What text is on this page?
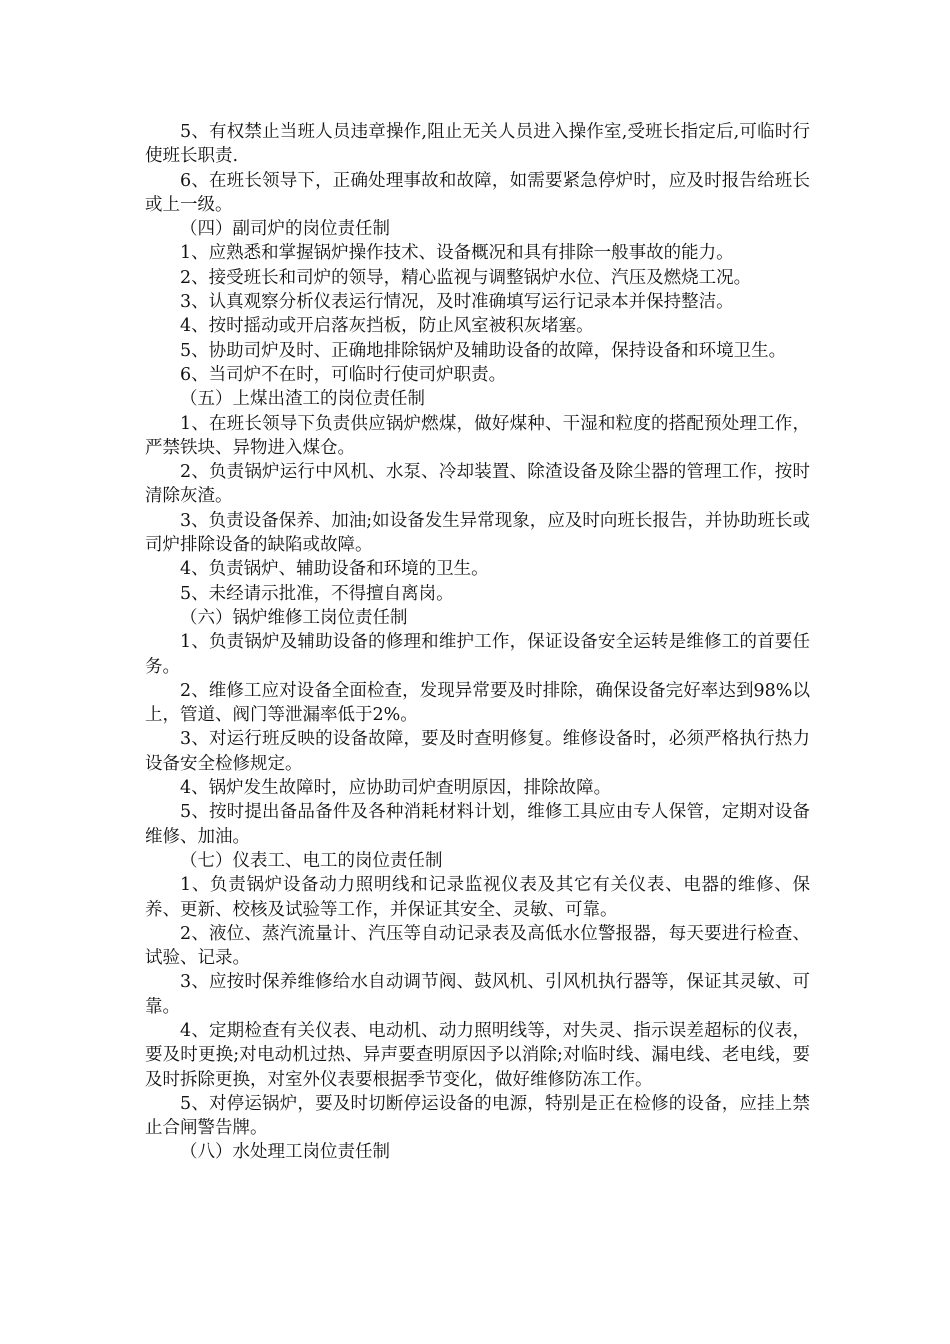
5、有权禁止当班人员违章操作,阻止无关人员进入操作室,受班长指定后,可临时行使班长职责.

6、在班长领导下，正确处理事故和故障，如需要紧急停炉时，应及时报告给班长或上一级。

（四）副司炉的岗位责任制

1、应熟悉和掌握锅炉操作技术、设备概况和具有排除一般事故的能力。

2、接受班长和司炉的领导，精心监视与调整锅炉水位、汽压及燃烧工况。

3、认真观察分析仪表运行情况，及时准确填写运行记录本并保持整洁。

4、按时摇动或开启落灰挡板，防止风室被积灰堵塞。

5、协助司炉及时、正确地排除锅炉及辅助设备的故障，保持设备和环境卫生。

6、当司炉不在时，可临时行使司炉职责。

（五）上煤出渣工的岗位责任制

1、在班长领导下负责供应锅炉燃煤，做好煤种、干湿和粒度的搭配预处理工作，严禁铁块、异物进入煤仓。

2、负责锅炉运行中风机、水泵、冷却装置、除渣设备及除尘器的管理工作，按时清除灰渣。

3、负责设备保养、加油;如设备发生异常现象，应及时向班长报告，并协助班长或司炉排除设备的缺陷或故障。

4、负责锅炉、辅助设备和环境的卫生。

5、未经请示批准，不得擅自离岗。

（六）锅炉维修工岗位责任制

1、负责锅炉及辅助设备的修理和维护工作，保证设备安全运转是维修工的首要任务。

2、维修工应对设备全面检查，发现异常要及时排除，确保设备完好率达到98%以上，管道、阀门等泄漏率低于2%。

3、对运行班反映的设备故障，要及时查明修复。维修设备时，必须严格执行热力设备安全检修规定。

4、锅炉发生故障时，应协助司炉查明原因，排除故障。

5、按时提出备品备件及各种消耗材料计划，维修工具应由专人保管，定期对设备维修、加油。

（七）仪表工、电工的岗位责任制

1、负责锅炉设备动力照明线和记录监视仪表及其它有关仪表、电器的维修、保养、更新、校核及试验等工作，并保证其安全、灵敏、可靠。

2、液位、蒸汽流量计、汽压等自动记录表及高低水位警报器，每天要进行检查、试验、记录。

3、应按时保养维修给水自动调节阀、鼓风机、引风机执行器等，保证其灵敏、可靠。

4、定期检查有关仪表、电动机、动力照明线等，对失灵、指示误差超标的仪表，要及时更换;对电动机过热、异声要查明原因予以消除;对临时线、漏电线、老电线，要及时拆除更换，对室外仪表要根据季节变化，做好维修防冻工作。

5、对停运锅炉，要及时切断停运设备的电源，特别是正在检修的设备，应挂上禁止合闸警告牌。

（八）水处理工岗位责任制
